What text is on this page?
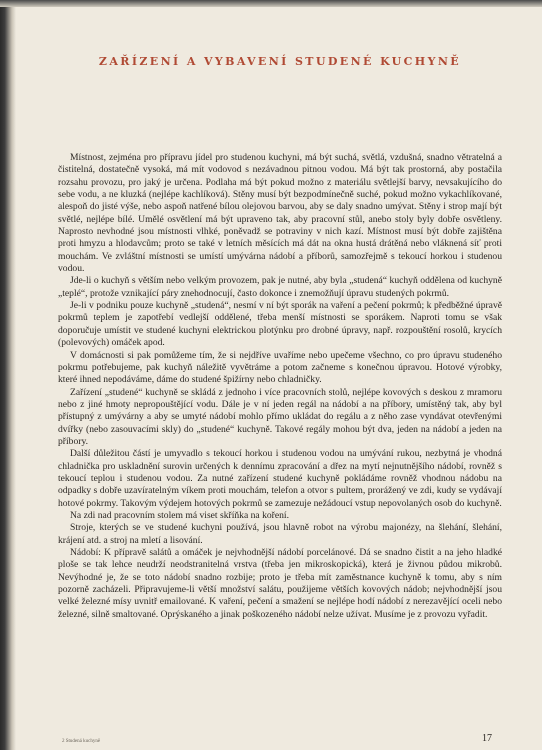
ZAŘÍZENÍ A VYBAVENÍ STUDENÉ KUCHYNĚ

Místnost, zejména pro přípravu jídel pro studenou kuchyni, má být suchá, světlá, vzdušná, snadno větratelná a čistitelná, dostatečně vysoká, má mít vodovod s nezávadnou pitnou vodou. Má být tak prostorná, aby postačila rozsahu provozu, pro jaký je určena. Podlaha má být pokud možno z materiálu světlejší barvy, nevsakujícího do sebe vodu, a ne kluzká (nejlépe kachlíková). Stěny musí být bezpodmínečně suché, pokud možno vykachlíkované, alespoň do jisté výše, nebo aspoň natřené bílou olejovou barvou, aby se daly snadno umývat. Stěny i strop mají být světlé, nejlépe bílé. Umělé osvětlení má být upraveno tak, aby pracovní stůl, anebo stoly byly dobře osvětleny. Naprosto nevhodné jsou místnosti vlhké, poněvadž se potraviny v nich kazí. Místnost musí být dobře zajištěna proti hmyzu a hlodavcům; proto se také v letních měsících má dát na okna hustá drátěná nebo vláknená síť proti mouchám. Ve zvláštní místnosti se umístí umývárna nádobí a příborů, samozřejmě s tekoucí horkou i studenou vodou.

Jde-li o kuchyň s větším nebo velkým provozem, pak je nutné, aby byla „studená“ kuchyň oddělena od kuchyně „teplé“, protože vznikající páry znehodnocují, často dokonce i znemožňují úpravu studených pokrmů.

Je-li v podniku pouze kuchyně „studená“, nesmí v ní být sporák na vaření a pečení pokrmů; k předběžné úpravě pokrmů teplem je zapotřebí vedlejší oddělené, třeba menší místnosti se sporákem. Naproti tomu se však doporučuje umístit ve studené kuchyni elektrickou plotýnku pro drobné úpravy, např. rozpouštění rosolů, krycích (polevových) omáček apod.

V domácnosti si pak pomůžeme tím, že si nejdříve uvaříme nebo upečeme všechno, co pro úpravu studeného pokrmu potřebujeme, pak kuchyň náležitě vyvětráme a potom začneme s konečnou úpravou. Hotové výrobky, které ihned nepodáváme, dáme do studené špižírny nebo chladničky.

Zařízení „studené“ kuchyně se skládá z jednoho i více pracovních stolů, nejlépe kovových s deskou z mramoru nebo z jiné hmoty nepropouštějící vodu. Dále je v ní jeden regál na nádobí a na příbory, umístěný tak, aby byl přístupný z umývárny a aby se umyté nádobí mohlo přímo ukládat do regálu a z něho zase vyndávat otevřenými dvířky (nebo zasouvacími skly) do „studené“ kuchyně. Takové regály mohou být dva, jeden na nádobí a jeden na příbory.

Další důležitou částí je umyvadlo s tekoucí horkou i studenou vodou na umývání rukou, nezbytná je vhodná chladnička pro uskladnění surovin určených k dennímu zpracování a dřez na mytí nejnutnějšího nádobí, rovněž s tekoucí teplou i studenou vodou. Za nutné zařízení studené kuchyně pokládáme rovněž vhodnou nádobu na odpadky s dobře uzavíratelným víkem proti mouchám, telefon a otvor s pultem, prorážený ve zdi, kudy se vydávají hotové pokrmy. Takovým výdejem hotových pokrmů se zamezuje nežádoucí vstup nepovolaných osob do kuchyně.

Na zdi nad pracovním stolem má viset skříňka na koření.

Stroje, kterých se ve studené kuchyni používá, jsou hlavně robot na výrobu majonézy, na šlehání, šlehání, krájení atd. a stroj na mletí a lisování.

Nádobí: K přípravě salátů a omáček je nejvhodnější nádobí porcelánové. Dá se snadno čistit a na jeho hladké ploše se tak lehce neudrží neodstranitelná vrstva (třeba jen mikroskopická), která je živnou půdou mikrobů. Nevýhodné je, že se toto nádobí snadno rozbije; proto je třeba mít zaměstnance kuchyně k tomu, aby s ním pozorně zacházeli. Připravujeme-li větší množství salátu, použijeme větších kovových nádob; nejvhodnější jsou velké železné mísy uvnitř emailované. K vaření, pečení a smažení se nejlépe hodí nádobí z nerezavějící oceli nebo železné, silně smaltované. Oprýskaného a jinak poškozeného nádobí nelze užívat. Musíme je z provozu vyřadit.

2 Studená kuchyně	17
